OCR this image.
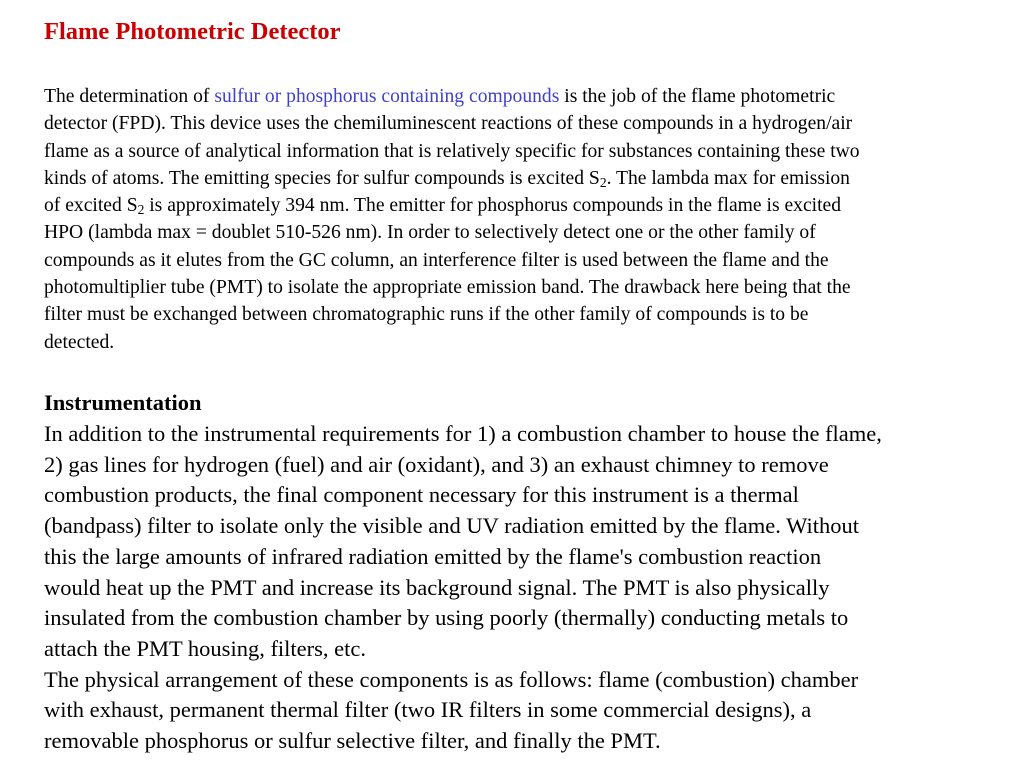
Flame Photometric Detector

The determination of sulfur or phosphorus containing compounds is the job of the flame photometric
detector (FPD). This device uses the chemiluminescent reactions of these compounds in a hydrogen/air
flame as a source of analytical information that is relatively specific for substances containing these two
kinds of atoms. The emitting species for sulfur compounds is excited $S_2$. The lambda max for emission
of excited $S_2$ is approximately 394 nm. The emitter for phosphorus compounds in the flame is excited
HPO (lambda max = doublet 510-526 nm). In order to selectively detect one or the other family of
compounds as it elutes from the GC column, an interference filter is used between the flame and the
photomultiplier tube (PMT) to isolate the appropriate emission band. The drawback here being that the
filter must be exchanged between chromatographic runs if the other family of compounds is to be
detected.

Instrumentation

In addition to the instrumental requirements for 1) a combustion chamber to house the flame,
2) gas lines for hydrogen (fuel) and air (oxidant), and 3) an exhaust chimney to remove
combustion products, the final component necessary for this instrument is a thermal
(bandpass) filter to isolate only the visible and UV radiation emitted by the flame. Without
this the large amounts of infrared radiation emitted by the flame's combustion reaction
would heat up the PMT and increase its background signal. The PMT is also physically
insulated from the combustion chamber by using poorly (thermally) conducting metals to
attach the PMT housing, filters, etc.
The physical arrangement of these components is as follows: flame (combustion) chamber
with exhaust, permanent thermal filter (two IR filters in some commercial designs), a
removable phosphorus or sulfur selective filter, and finally the PMT.
